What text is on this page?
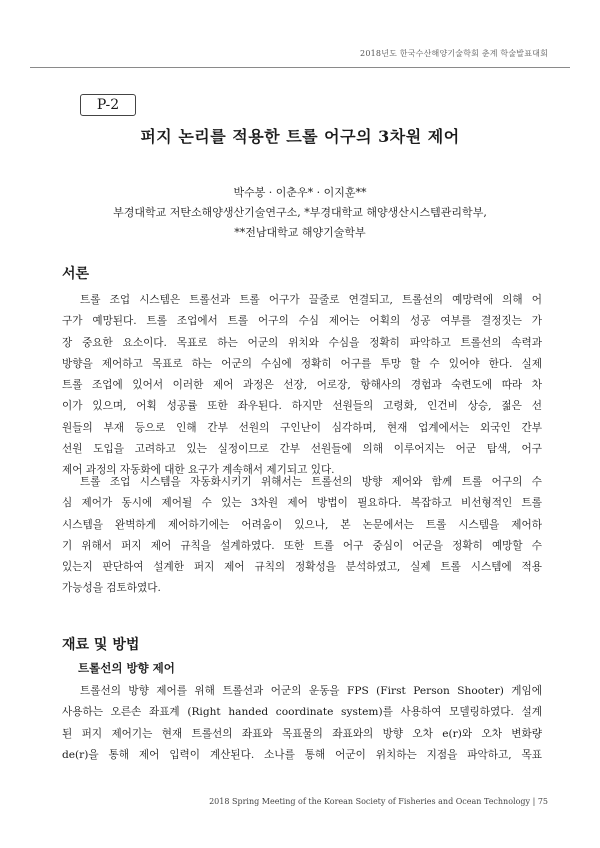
2018년도 한국수산해양기술학회 춘계 학술발표대회
P-2
퍼지 논리를 적용한 트롤 어구의 3차원 제어
박수봉 · 이춘우* · 이지훈**
부경대학교 저탄소해양생산기술연구소, *부경대학교 해양생산시스템관리학부,
**전남대학교 해양기술학부
서론
트롤 조업 시스템은 트롤선과 트롤 어구가 끌줄로 연결되고, 트롤선의 예망력에 의해 어
구가 예망된다. 트롤 조업에서 트롤 어구의 수심 제어는 어획의 성공 여부를 결정짓는 가
장 중요한 요소이다. 목표로 하는 어군의 위치와 수심을 정확히 파악하고 트롤선의 속력과
방향을 제어하고 목표로 하는 어군의 수심에 정확히 어구를 투망 할 수 있어야 한다. 실제
트롤 조업에 있어서 이러한 제어 과정은 선장, 어로장, 항해사의 경험과 숙련도에 따라 차
이가 있으며, 어획 성공률 또한 좌우된다. 하지만 선원들의 고령화, 인건비 상승, 젊은 선
원들의 부재 등으로 인해 간부 선원의 구인난이 심각하며, 현재 업계에서는 외국인 간부
선원 도입을 고려하고 있는 실정이므로 간부 선원들에 의해 이루어지는 어군 탐색, 어구
제어 과정의 자동화에 대한 요구가 계속해서 제기되고 있다.
트롤 조업 시스템을 자동화시키기 위해서는 트롤선의 방향 제어와 함께 트롤 어구의 수
심 제어가 동시에 제어될 수 있는 3차원 제어 방법이 필요하다. 복잡하고 비선형적인 트롤
시스템을 완벽하게 제어하기에는 어려움이 있으나, 본 논문에서는 트롤 시스템을 제어하
기 위해서 퍼지 제어 규칙을 설계하였다. 또한 트롤 어구 중심이 어군을 정확히 예망할 수
있는지 판단하여 설계한 퍼지 제어 규칙의 정확성을 분석하였고, 실제 트롤 시스템에 적용
가능성을 검토하였다.
재료 및 방법
트롤선의 방향 제어
트롤선의 방향 제어를 위해 트롤선과 어군의 운동을 FPS (First Person Shooter) 게임에
사용하는 오른손 좌표계 (Right handed coordinate system)를 사용하여 모델링하였다. 설계
된 퍼지 제어기는 현재 트롤선의 좌표와 목표물의 좌표와의 방향 오차 e(r)와 오차 변화량
de(r)을 통해 제어 입력이 계산된다. 소나를 통해 어군이 위치하는 지점을 파악하고, 목표
2018 Spring Meeting of the Korean Society of Fisheries and Ocean Technology | 75
